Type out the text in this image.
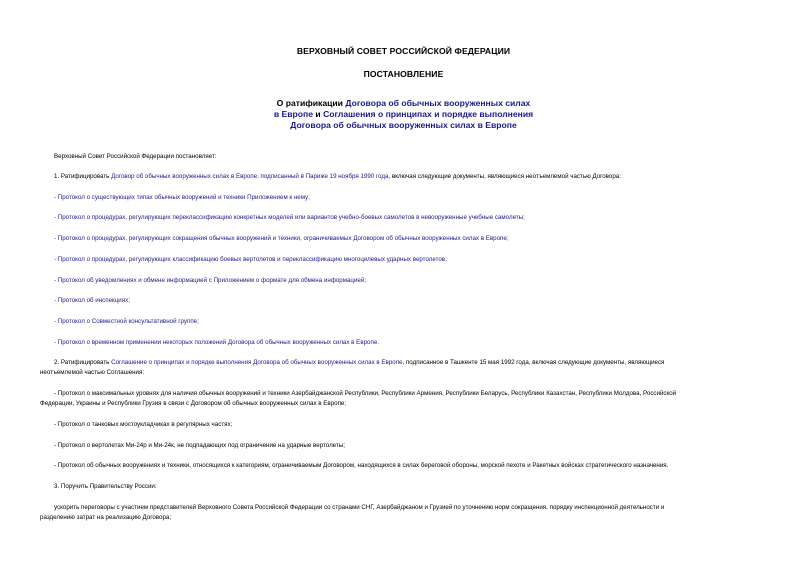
ВЕРХОВНЫЙ СОВЕТ РОССИЙСКОЙ ФЕДЕРАЦИИ
ПОСТАНОВЛЕНИЕ
О ратификации Договора об обычных вооруженных силах
в Европе и Соглашения о принципах и порядке выполнения
Договора об обычных вооруженных силах в Европе
Верховный Совет Российской Федерации постановляет:
1. Ратифицировать Договор об обычных вооруженных силах в Европе, подписанный в Париже 19 ноября 1990 года, включая следующие документы, являющиеся неотъемлемой частью Договора:
- Протокол о существующих типах обычных вооружений и техники Приложением к нему;
- Протокол о процедурах, регулирующих переклассификацию конкретных моделей или вариантов учебно-боевых самолетов в невооруженные учебные самолеты;
- Протокол о процедурах, регулирующих сокращения обычных вооружений и техники, ограничиваемых Договором об обычных вооруженных силах в Европе;
- Протокол о процедурах, регулирующих классификацию боевых вертолетов и переклассификацию многоцелевых ударных вертолетов;
- Протокол об уведомлениях и обмене информацией с Приложением о формате для обмена информацией;
- Протокол об инспекциях;
- Протокол о Совместной консультативной группе;
- Протокол о временном применении некоторых положений Договора об обычных вооруженных силах в Европе.
2. Ратифицировать Соглашение о принципах и порядке выполнения Договора об обычных вооруженных силах в Европе, подписанное в Ташкенте 15 мая 1992 года, включая следующие документы, являющиеся
неотъемлемой частью Соглашения:
- Протокол о максимальных уровнях для наличия обычных вооружений и техники Азербайджанской Республики, Республики Армения, Республики Беларусь, Республики Казахстан, Республики Молдова, Российской
Федерации, Украины и Республики Грузия в связи с Договором об обычных вооруженных силах в Европе;
- Протокол о танковых мостоукладчиках в регулярных частях;
- Протокол о вертолетах Ми-24р и Ми-24к, не подпадающих под ограничение на ударные вертолеты;
- Протокол об обычных вооружениях и техники, относящихся к категориям, ограничиваемым Договором, находящихся в силах береговой обороны, морской пехоте и Ракетных войсках стратегического назначения.
3. Поручить Правительству России:
ускорить переговоры с участием представителей Верховного Совета Российской Федерации со странами СНГ, Азербайджаном и Грузией по уточнению норм сокращения, порядку инспекционной деятельности и
разделению затрат на реализацию Договора;
